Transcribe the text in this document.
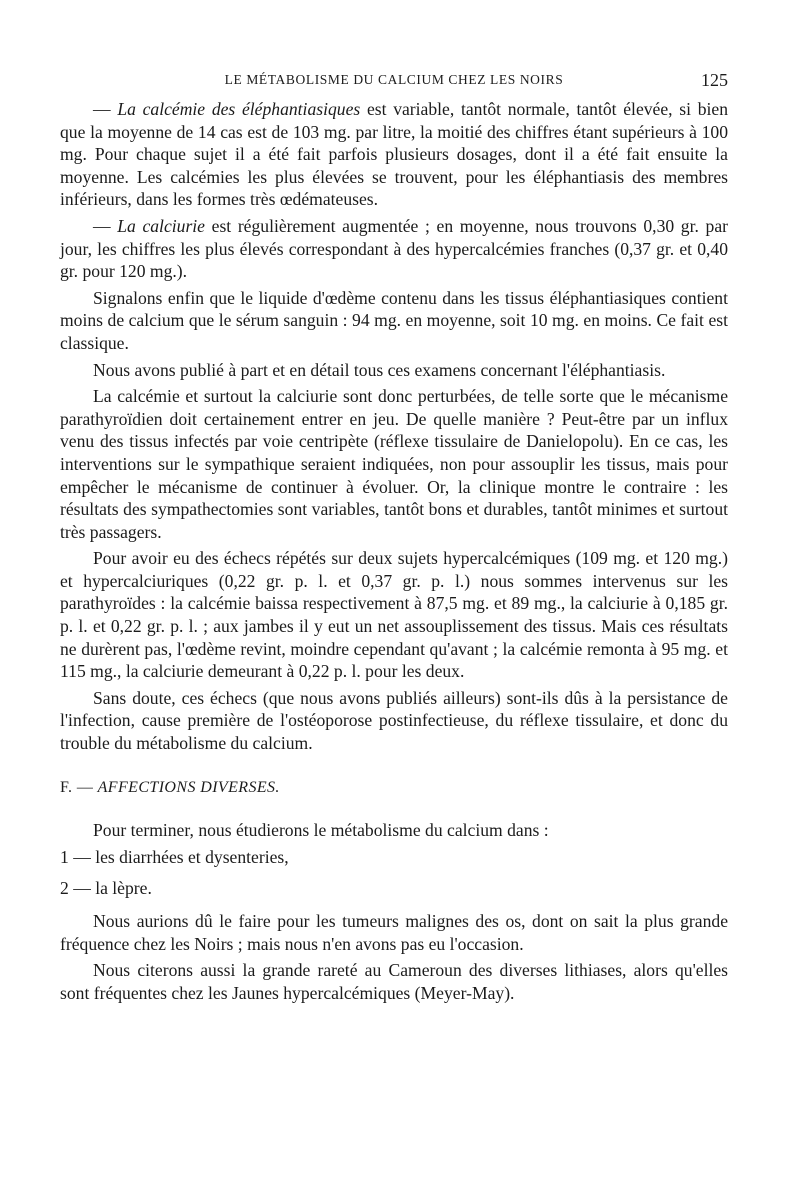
LE MÉTABOLISME DU CALCIUM CHEZ LES NOIRS	125

— La calcémie des éléphantiasiques est variable, tantôt normale, tantôt élevée, si bien que la moyenne de 14 cas est de 103 mg. par litre, la moitié des chiffres étant supérieurs à 100 mg. Pour chaque sujet il a été fait parfois plusieurs dosages, dont il a été fait ensuite la moyenne. Les calcémies les plus élevées se trouvent, pour les éléphantiasis des membres inférieurs, dans les formes très œdémateuses.

— La calciurie est régulièrement augmentée ; en moyenne, nous trouvons 0,30 gr. par jour, les chiffres les plus élevés correspondant à des hypercalcémies franches (0,37 gr. et 0,40 gr. pour 120 mg.).

Signalons enfin que le liquide d'œdème contenu dans les tissus éléphantiasiques contient moins de calcium que le sérum sanguin : 94 mg. en moyenne, soit 10 mg. en moins. Ce fait est classique.

Nous avons publié à part et en détail tous ces examens concernant l'éléphantiasis.

La calcémie et surtout la calciurie sont donc perturbées, de telle sorte que le mécanisme parathyroïdien doit certainement entrer en jeu. De quelle manière ? Peut-être par un influx venu des tissus infectés par voie centripète (réflexe tissulaire de Danielopolu). En ce cas, les interventions sur le sympathique seraient indiquées, non pour assouplir les tissus, mais pour empêcher le mécanisme de continuer à évoluer. Or, la clinique montre le contraire : les résultats des sympathectomies sont variables, tantôt bons et durables, tantôt minimes et surtout très passagers.

Pour avoir eu des échecs répétés sur deux sujets hypercalcémiques (109 mg. et 120 mg.) et hypercalciuriques (0,22 gr. p. l. et 0,37 gr. p. l.) nous sommes intervenus sur les parathyroïdes : la calcémie baissa respectivement à 87,5 mg. et 89 mg., la calciurie à 0,185 gr. p. l. et 0,22 gr. p. l. ; aux jambes il y eut un net assouplissement des tissus. Mais ces résultats ne durèrent pas, l'œdème revint, moindre cependant qu'avant ; la calcémie remonta à 95 mg. et 115 mg., la calciurie demeurant à 0,22 p. l. pour les deux.

Sans doute, ces échecs (que nous avons publiés ailleurs) sont-ils dûs à la persistance de l'infection, cause première de l'ostéoporose postinfectieuse, du réflexe tissulaire, et donc du trouble du métabolisme du calcium.

F. — AFFECTIONS DIVERSES.

Pour terminer, nous étudierons le métabolisme du calcium dans :

1 — les diarrhées et dysenteries,
2 — la lèpre.

Nous aurions dû le faire pour les tumeurs malignes des os, dont on sait la plus grande fréquence chez les Noirs ; mais nous n'en avons pas eu l'occasion.

Nous citerons aussi la grande rareté au Cameroun des diverses lithiases, alors qu'elles sont fréquentes chez les Jaunes hypercalcémiques (Meyer-May).
